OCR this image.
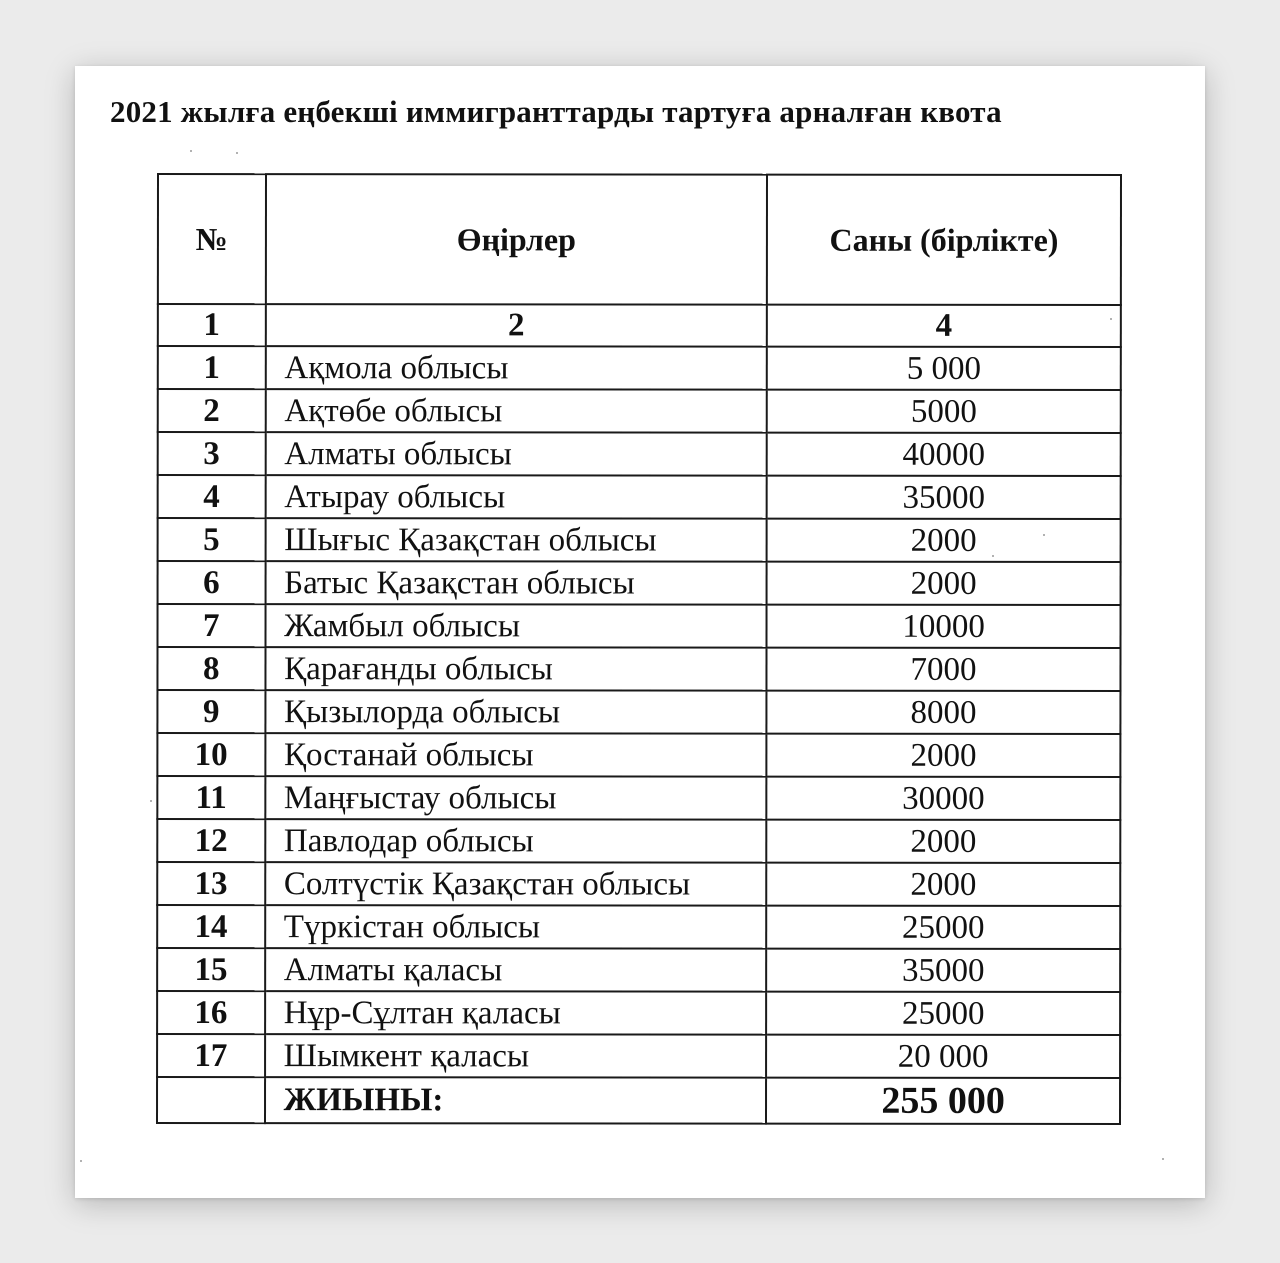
2021 жылға еңбекші иммигранттарды тартуға арналған квота
№	Өңірлер	Саны (бірлікте)
1	2	4
1	Ақмола облысы	5 000
2	Ақтөбе облысы	5000
3	Алматы облысы	40000
4	Атырау облысы	35000
5	Шығыс Қазақстан облысы	2000
6	Батыс Қазақстан облысы	2000
7	Жамбыл облысы	10000
8	Қарағанды облысы	7000
9	Қызылорда облысы	8000
10	Қостанай облысы	2000
11	Маңғыстау облысы	30000
12	Павлодар облысы	2000
13	Солтүстік Қазақстан облысы	2000
14	Түркістан облысы	25000
15	Алматы қаласы	35000
16	Нұр-Сұлтан қаласы	25000
17	Шымкент қаласы	20 000
	ЖИЫНЫ:	255 000
